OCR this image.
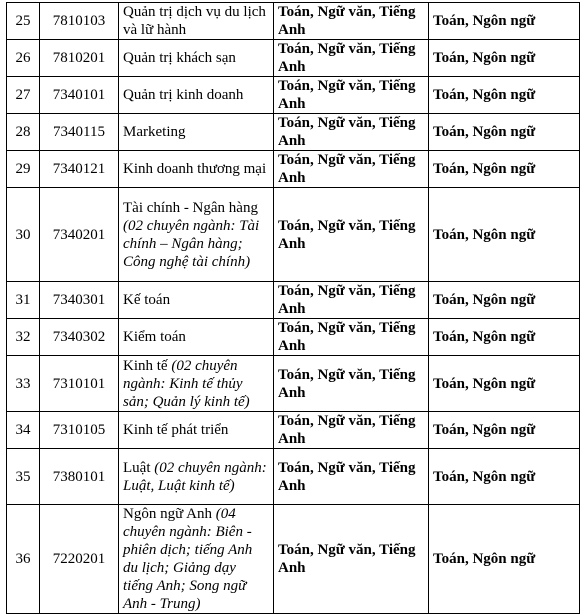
25	7810103	Quản trị dịch vụ du lịch và lữ hành	Toán, Ngữ văn, Tiếng Anh	Toán, Ngôn ngữ
26	7810201	Quản trị khách sạn	Toán, Ngữ văn, Tiếng Anh	Toán, Ngôn ngữ
27	7340101	Quản trị kinh doanh	Toán, Ngữ văn, Tiếng Anh	Toán, Ngôn ngữ
28	7340115	Marketing	Toán, Ngữ văn, Tiếng Anh	Toán, Ngôn ngữ
29	7340121	Kinh doanh thương mại	Toán, Ngữ văn, Tiếng Anh	Toán, Ngôn ngữ
30	7340201	Tài chính - Ngân hàng (02 chuyên ngành: Tài chính – Ngân hàng; Công nghệ tài chính)	Toán, Ngữ văn, Tiếng Anh	Toán, Ngôn ngữ
31	7340301	Kế toán	Toán, Ngữ văn, Tiếng Anh	Toán, Ngôn ngữ
32	7340302	Kiểm toán	Toán, Ngữ văn, Tiếng Anh	Toán, Ngôn ngữ
33	7310101	Kinh tế (02 chuyên ngành: Kinh tế thủy sản; Quản lý kinh tế)	Toán, Ngữ văn, Tiếng Anh	Toán, Ngôn ngữ
34	7310105	Kinh tế phát triển	Toán, Ngữ văn, Tiếng Anh	Toán, Ngôn ngữ
35	7380101	Luật (02 chuyên ngành: Luật, Luật kinh tế)	Toán, Ngữ văn, Tiếng Anh	Toán, Ngôn ngữ
36	7220201	Ngôn ngữ Anh (04 chuyên ngành: Biên - phiên dịch; tiếng Anh du lịch; Giảng dạy tiếng Anh; Song ngữ Anh - Trung)	Toán, Ngữ văn, Tiếng Anh	Toán, Ngôn ngữ
